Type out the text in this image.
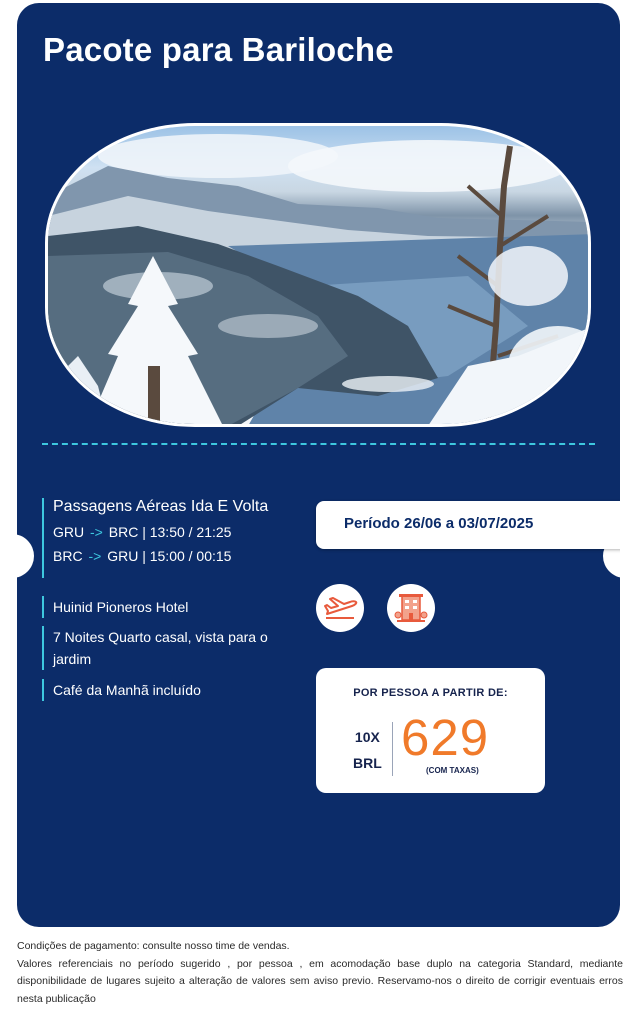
Pacote para Bariloche
Passagens Aéreas Ida E Volta
GRU -> BRC | 13:50 / 21:25
BRC -> GRU | 15:00 / 00:15
Huinid Pioneros Hotel
7 Noites Quarto casal, vista para o jardim
Café da Manhã incluído
Período 26/06 a 03/07/2025
POR PESSOA A PARTIR DE:
10X
BRL 629
(COM TAXAS)

Condições de pagamento: consulte nosso time de vendas.

Valores referenciais no período sugerido , por pessoa , em acomodação base duplo na categoria Standard, mediante disponibilidade de lugares sujeito a alteração de valores sem aviso previo. Reservamo-nos o direito de corrigir eventuais erros nesta publicação
